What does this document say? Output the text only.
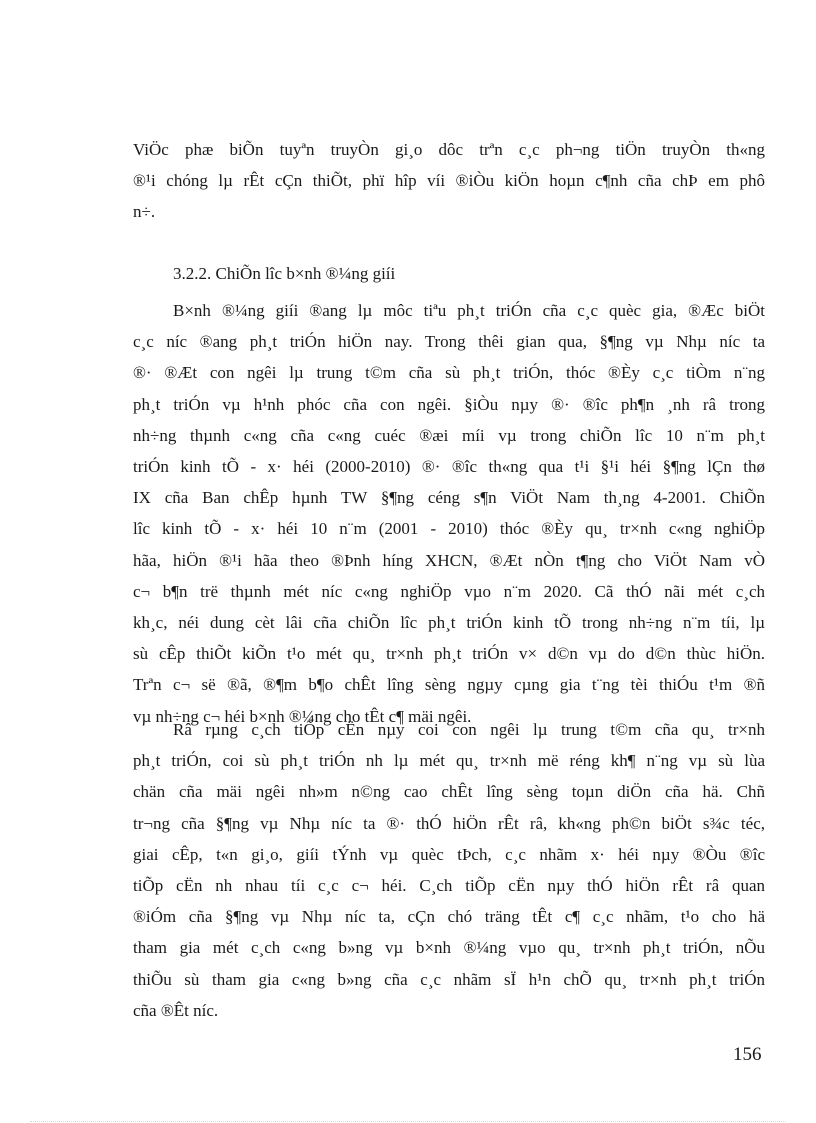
ViÖc phæ biÕn tuyªn truyÒn gi¸o dôc trªn c¸c ph¬ng tiÖn truyÒn th«ng
®¹i chóng lµ rÊt cÇn thiÕt, phï hîp víi ®iÒu kiÖn hoµn c¶nh cña chÞ em phô
n÷.

3.2.2. ChiÕn lîc b×nh ®¼ng giíi

B×nh ®¼ng giíi ®ang lµ môc tiªu ph¸t triÓn cña c¸c quèc gia, ®Æc biÖt
c¸c níc ®ang ph¸t triÓn hiÖn nay. Trong thêi gian qua, §¶ng vµ Nhµ níc ta
®· ®Æt con ngêi lµ trung t©m cña sù ph¸t triÓn, thóc ®Èy c¸c tiÒm n¨ng
ph¸t triÓn vµ h¹nh phóc cña con ngêi. §iÒu nµy ®· ®îc ph¶n ¸nh râ trong
nh÷ng thµnh c«ng cña c«ng cuéc ®æi míi vµ trong chiÕn lîc 10 n¨m ph¸t
triÓn kinh tÕ - x· héi (2000-2010) ®· ®îc th«ng qua t¹i §¹i héi §¶ng lÇn thø
IX cña Ban chÊp hµnh TW §¶ng céng s¶n ViÖt Nam th¸ng 4-2001. ChiÕn
lîc kinh tÕ - x· héi 10 n¨m (2001 - 2010) thóc ®Èy qu¸ tr×nh c«ng nghiÖp
hãa, hiÖn ®¹i hãa theo ®Þnh híng XHCN, ®Æt nÒn t¶ng cho ViÖt Nam vÒ
c¬ b¶n trë thµnh mét níc c«ng nghiÖp vµo n¨m 2020. Cã thÓ nãi mét c¸ch
kh¸c, néi dung cèt lâi cña chiÕn lîc ph¸t triÓn kinh tÕ trong nh÷ng n¨m tíi, lµ
sù cÊp thiÕt kiÕn t¹o mét qu¸ tr×nh ph¸t triÓn v× d©n vµ do d©n thùc hiÖn.
Trªn c¬ së ®ã, ®¶m b¶o chÊt lîng sèng ngµy cµng gia t¨ng tèi thiÓu t¹m ®ñ
vµ nh÷ng c¬ héi b×nh ®¼ng cho tÊt c¶ mäi ngêi.
Râ rµng c¸ch tiÕp cËn nµy coi con ngêi lµ trung t©m cña qu¸ tr×nh
ph¸t triÓn, coi sù ph¸t triÓn nh lµ mét qu¸ tr×nh më réng kh¶ n¨ng vµ sù lùa
chän cña mäi ngêi nh»m n©ng cao chÊt lîng sèng toµn diÖn cña hä. Chñ
tr¬ng cña §¶ng vµ Nhµ níc ta ®· thÓ hiÖn rÊt râ, kh«ng ph©n biÖt s¾c téc,
giai cÊp, t«n gi¸o, giíi tÝnh vµ quèc tÞch, c¸c nhãm x· héi nµy ®Òu ®îc
tiÕp cËn nh nhau tíi c¸c c¬ héi. C¸ch tiÕp cËn nµy thÓ hiÖn rÊt râ quan
®iÓm cña §¶ng vµ Nhµ níc ta, cÇn chó träng tÊt c¶ c¸c nhãm, t¹o cho hä
tham gia mét c¸ch c«ng b»ng vµ b×nh ®¼ng vµo qu¸ tr×nh ph¸t triÓn, nÕu
thiÕu sù tham gia c«ng b»ng cña c¸c nhãm sÏ h¹n chÕ qu¸ tr×nh ph¸t triÓn
cña ®Êt níc.

156
